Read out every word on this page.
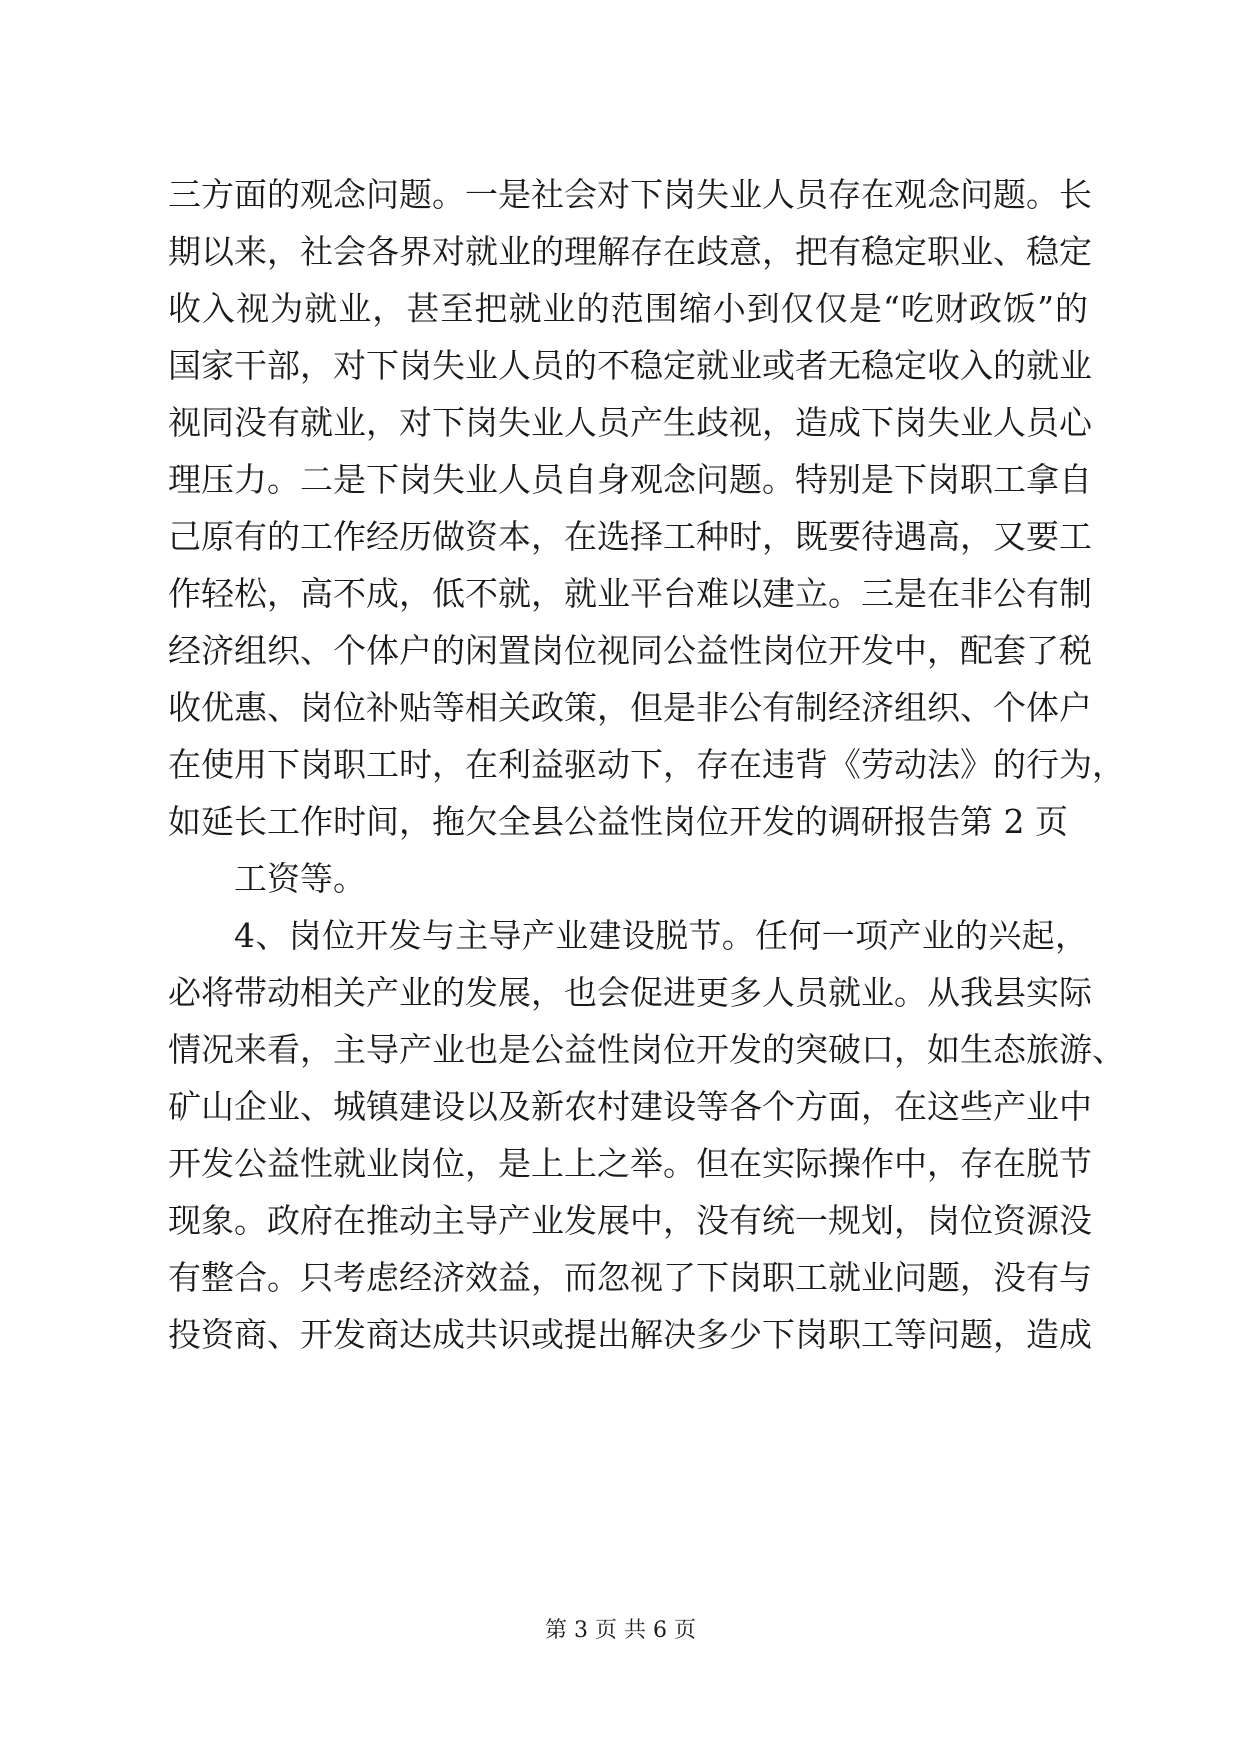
三方面的观念问题。一是社会对下岗失业人员存在观念问题。长
期以来，社会各界对就业的理解存在歧意，把有稳定职业、稳定
收入视为就业，甚至把就业的范围缩小到仅仅是“吃财政饭”的
国家干部，对下岗失业人员的不稳定就业或者无稳定收入的就业
视同没有就业，对下岗失业人员产生歧视，造成下岗失业人员心
理压力。二是下岗失业人员自身观念问题。特别是下岗职工拿自
己原有的工作经历做资本，在选择工种时，既要待遇高，又要工
作轻松，高不成，低不就，就业平台难以建立。三是在非公有制
经济组织、个体户的闲置岗位视同公益性岗位开发中，配套了税
收优惠、岗位补贴等相关政策，但是非公有制经济组织、个体户
在使用下岗职工时，在利益驱动下，存在违背《劳动法》的行为，
如延长工作时间，拖欠全县公益性岗位开发的调研报告第 2 页
工资等。
4、岗位开发与主导产业建设脱节。任何一项产业的兴起，
必将带动相关产业的发展，也会促进更多人员就业。从我县实际
情况来看，主导产业也是公益性岗位开发的突破口，如生态旅游、
矿山企业、城镇建设以及新农村建设等各个方面，在这些产业中
开发公益性就业岗位，是上上之举。但在实际操作中，存在脱节
现象。政府在推动主导产业发展中，没有统一规划，岗位资源没
有整合。只考虑经济效益，而忽视了下岗职工就业问题，没有与
投资商、开发商达成共识或提出解决多少下岗职工等问题，造成
第 3 页 共 6 页
